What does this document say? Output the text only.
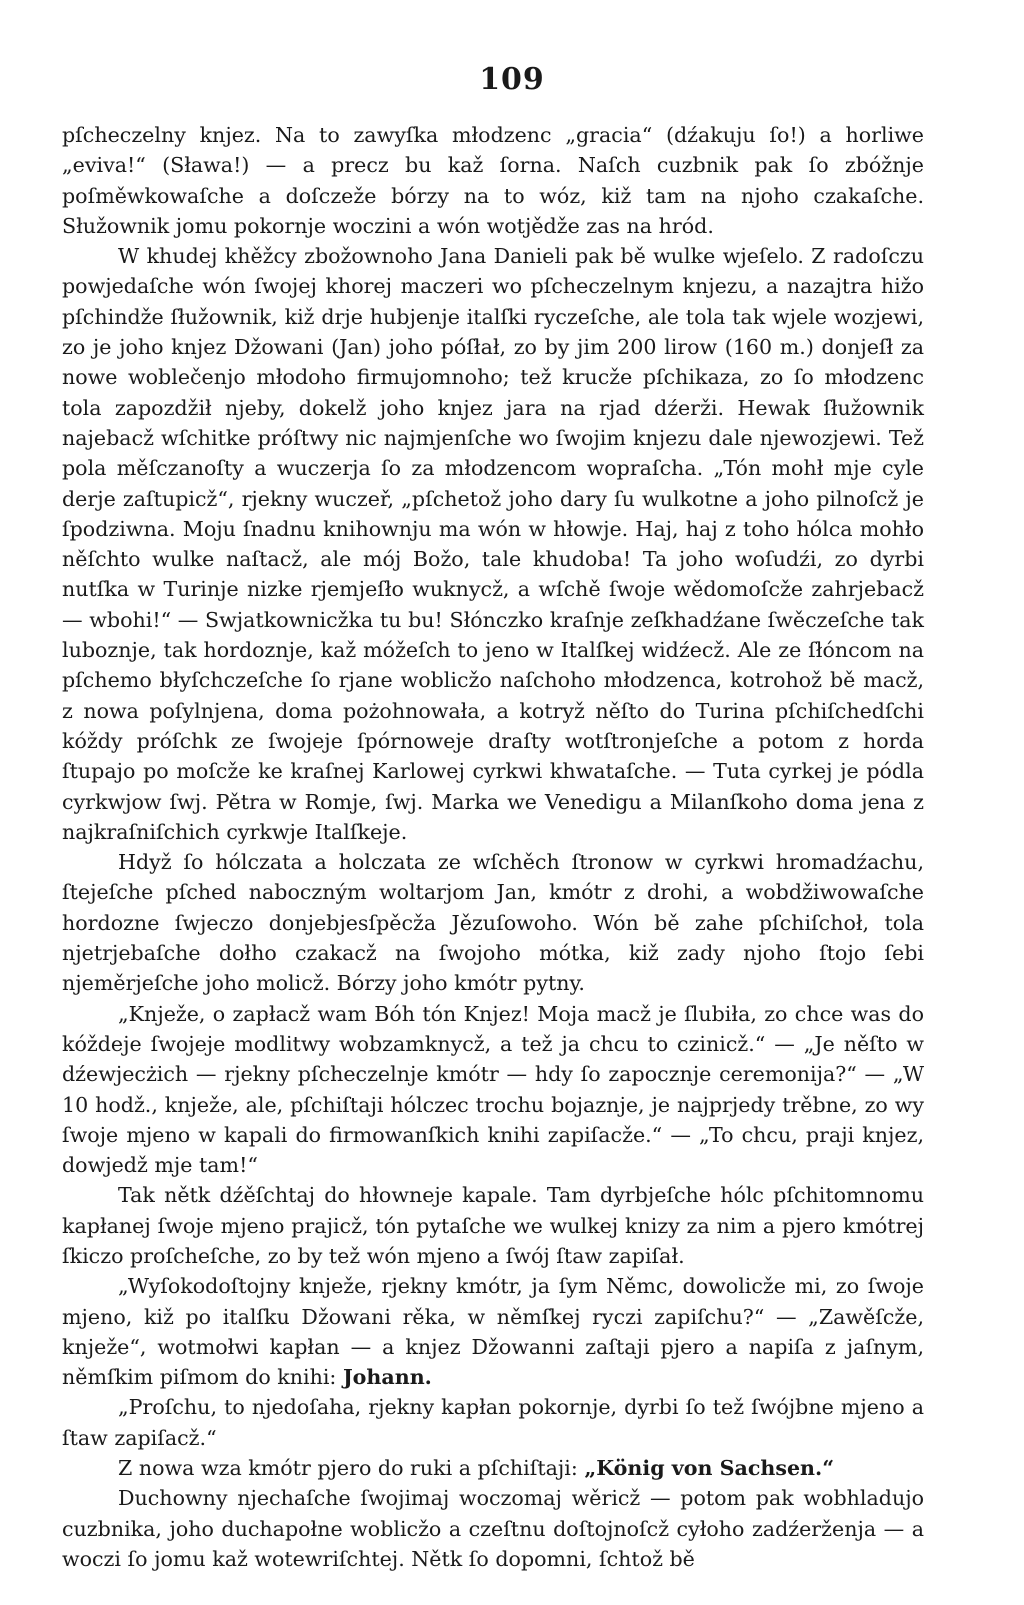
109

pſcheczelny knjez. Na to zawyſka młodzenc „gracia“ (dźakuju ſo!) a horliwe „eviva!“ (Sława!) — a precz bu kaž ſorna. Naſch cuzbnik pak ſo zbóžnje poſměwkowaſche a doſczeže bórzy na to wóz, kiž tam na njoho czakaſche. Słužownik jomu pokornje woczini a wón wotjědže zas na hród.

W khudej khěžcy zbožownoho Jana Danieli pak bě wulke wjeſelo. Z radoſczu powjedaſche wón ſwojej khorej maczeri wo pſcheczelnym knjezu, a nazajtra hižo pſchindže ſłužownik, kiž drje hubjenje italſki ryczeſche, ale tola tak wjele wozjewi, zo je joho knjez Džowani (Jan) joho póſłał, zo by jim 200 lirow (160 m.) donjeſł za nowe woblečenjo młodoho firmujomnoho; tež krucže pſchikaza, zo ſo młodzenc tola zapozdžił njeby, dokelž joho knjez jara na rjad dźerži. Hewak ſłužownik najebacž wſchitke próſtwy nic najmjenſche wo ſwojim knjezu dale njewozjewi. Tež pola měſczanoſty a wuczerja ſo za młodzencom wopraſcha. „Tón mohł mje cyle derje zaſtupicž“, rjekny wuczeř, „pſchetož joho dary ſu wulkotne a joho pilnoſcž je ſpodziwna. Moju ſnadnu knihownju ma wón w hłowje. Haj, haj z toho hólca mohło něſchto wulke naſtacž, ale mój Božo, tale khudoba! Ta joho woſudźi, zo dyrbi nutſka w Turinje nizke rjemjeſło wuknycž, a wſchě ſwoje wědomoſcže zahrjebacž — wbohi!“ — Swjatkownicžka tu bu! Słónczko kraſnje zeſkhadźane ſwěczeſche tak luboznje, tak hordoznje, kaž móžeſch to jeno w Italſkej widźecž. Ale ze ſłóncom na pſchemo błyſchczeſche ſo rjane woblicžo naſchoho młodzenca, kotrohož bě macž, z nowa poſylnjena, doma pożohnowała, a kotryž něſto do Turina pſchiſchedſchi kóždy próſchk ze ſwojeje ſpórnoweje draſty wotſtronjeſche a potom z horda ſtupajo po moſcže ke kraſnej Karlowej cyrkwi khwataſche. — Tuta cyrkej je pódla cyrkwjow ſwj. Pětra w Romje, ſwj. Marka we Venedigu a Milanſkoho doma jena z najkraſniſchich cyrkwje Italſkeje.

Hdyž ſo hólczata a holczata ze wſchěch ſtronow w cyrkwi hromadźachu, ſtejeſche pſched naboczným woltarjom Jan, kmótr z drohi, a wobdžiwowaſche hordozne ſwjeczo donjebjesſpěcža Jězuſowoho. Wón bě zahe pſchiſchoł, tola njetrjebaſche dołho czakacž na ſwojoho mótka, kiž zady njoho ſtojo ſebi njeměrjeſche joho molicž. Bórzy joho kmótr pytny.

„Knježe, o zapłacž wam Bóh tón Knjez! Moja macž je ſlubiła, zo chce was do kóždeje ſwojeje modlitwy wobzamknycž, a tež ja chcu to czinicž.“ — „Je něſto w dźewjecżich — rjekny pſcheczelnje kmótr — hdy ſo zapocznje ceremonija?“ — „W 10 hodž., knježe, ale, pſchiſtaji hólczec trochu bojaznje, je najprjedy trěbne, zo wy ſwoje mjeno w kapali do firmowanſkich knihi zapiſacže.“ — „To chcu, praji knjez, dowjedž mje tam!“

Tak nětk dźěſchtaj do hłowneje kapale. Tam dyrbjeſche hólc pſchitomnomu kapłanej ſwoje mjeno prajicž, tón pytaſche we wulkej knizy za nim a pjero kmótrej ſkiczo proſcheſche, zo by tež wón mjeno a ſwój ſtaw zapiſał.

„Wyſokodoſtojny knježe, rjekny kmótr, ja ſym Němc, dowolicže mi, zo ſwoje mjeno, kiž po italſku Džowani rěka, w němſkej ryczi zapiſchu?“ — „Zawěſcže, knježe“, wotmołwi kapłan — a knjez Džowanni zaſtaji pjero a napiſa z jaſnym, němſkim piſmom do knihi: Johann.

„Proſchu, to njedoſaha, rjekny kapłan pokornje, dyrbi ſo tež ſwójbne mjeno a ſtaw zapiſacž.“

Z nowa wza kmótr pjero do ruki a pſchiſtaji: „König von Sachsen.“

Duchowny njechaſche ſwojimaj woczomaj wěricž — potom pak wobhladujo cuzbnika, joho duchapołne woblicžo a czeſtnu doſtojnoſcž cyłoho zadźerženja — a woczi ſo jomu kaž wotewriſchtej. Nětk ſo dopomni, ſchtož bě
